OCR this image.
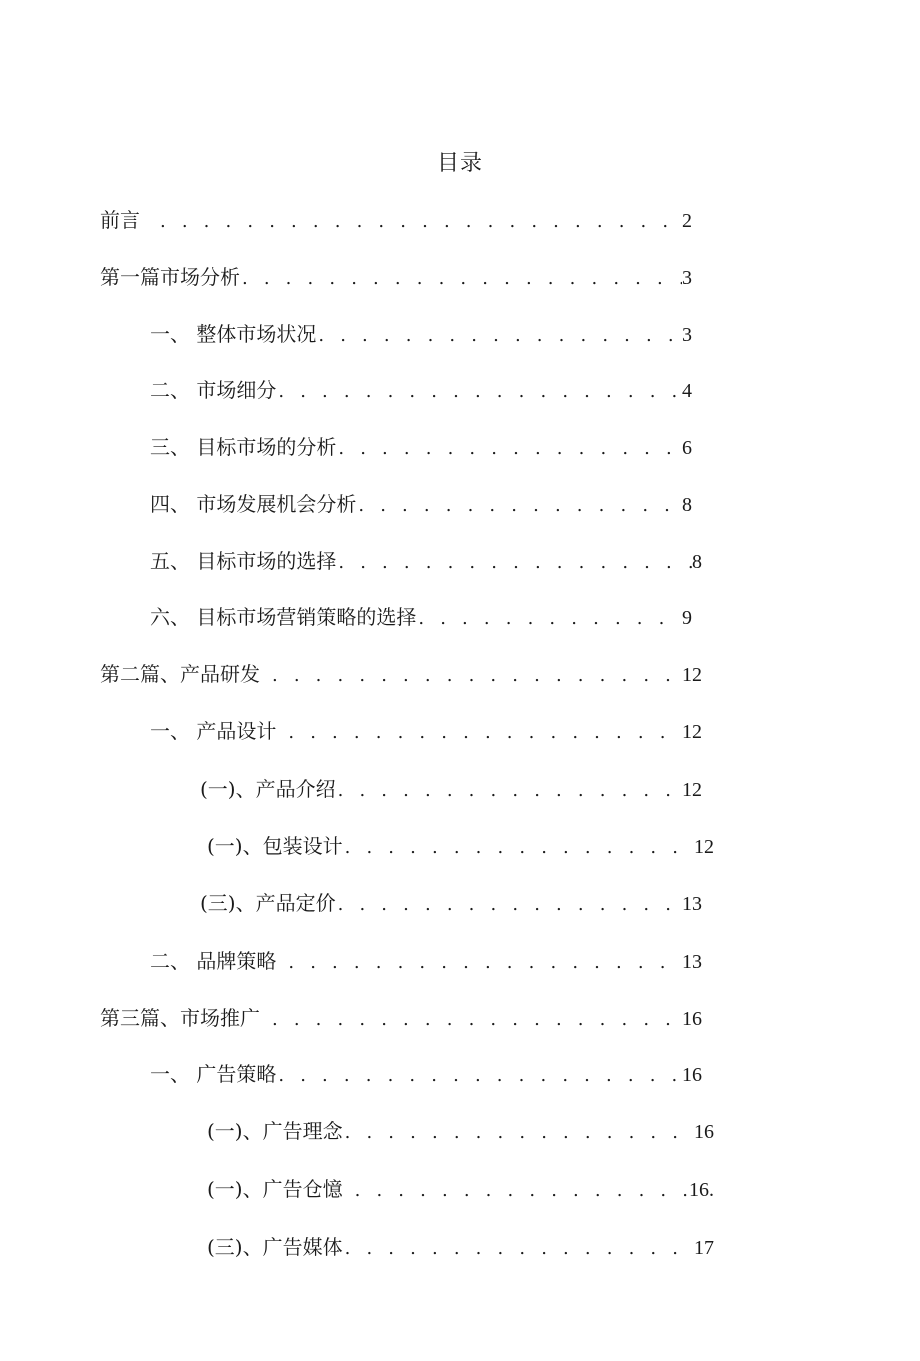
目录
前言 . . .	2
第一篇市场分析 . . .	3
一、 整体市场状况 . . .	3
二、 市场细分 . . .	4
三、 目标市场的分析 . . .	6
四、 市场发展机会分析 . . .	8
五、 目标市场的选择 . . .	8
六、 目标市场营销策略的选择 . . .	9
第二篇、产品研发 . . .	12
一、 产品设计 . . .	12
(一)、产品介绍 . . .	12
(一)、包装设计 . . .	12
(三)、产品定价 . . .	13
二、 品牌策略 . . .	13
第三篇、市场推广 . . .	16
一、 广告策略 . . .	16
(一)、广告理念 . . .	16
(一)、广告仓憶 . . .	16.
(三)、广告媒体 . . .	17
